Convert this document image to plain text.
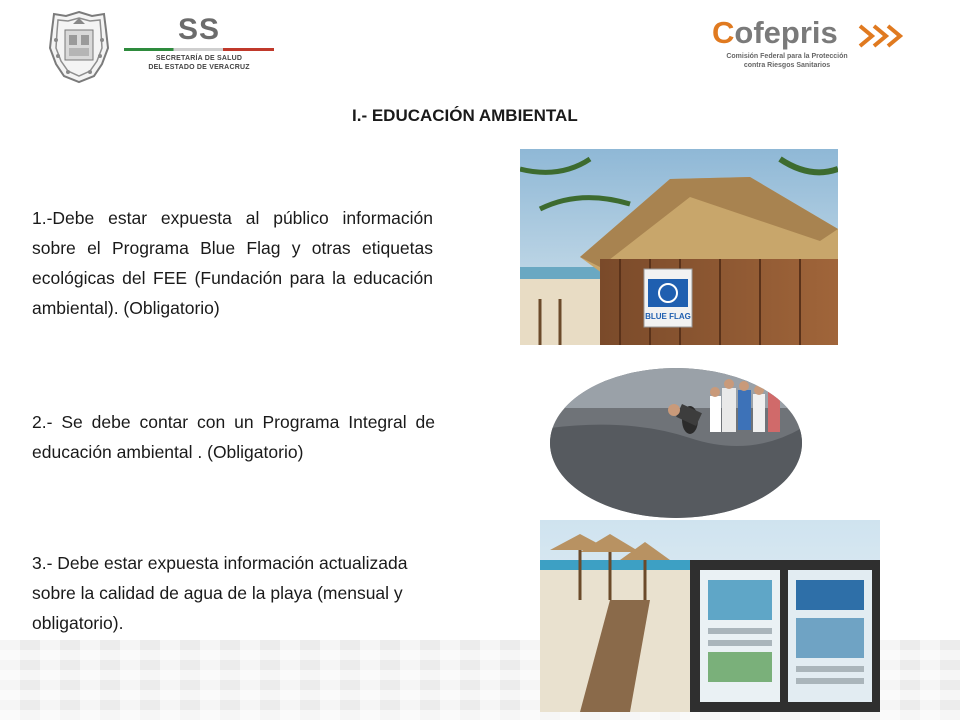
SS
SECRETARÍA DE SALUD
DEL ESTADO DE VERACRUZ
Cofepris
Comisión Federal para la Protección
contra Riesgos Sanitarios
I.- EDUCACIÓN AMBIENTAL
1.-Debe estar expuesta al público información sobre el Programa Blue Flag y otras etiquetas ecológicas del FEE (Fundación para la educación ambiental). (Obligatorio)
2.- Se debe contar con un Programa Integral de educación ambiental . (Obligatorio)
3.- Debe estar expuesta información actualizada sobre la calidad de agua de la playa (mensual y obligatorio).
BLUE FLAG
